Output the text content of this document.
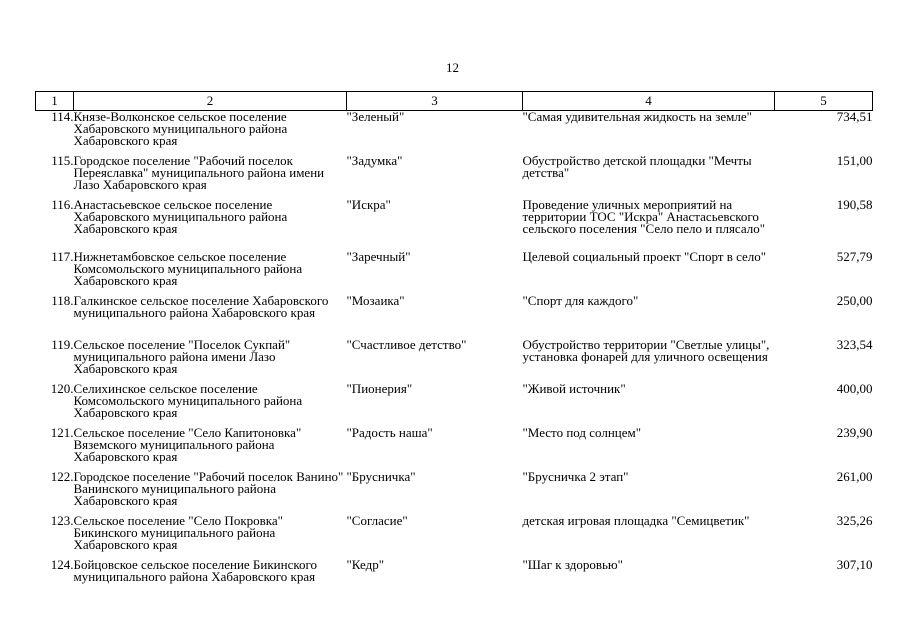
12
1	2	3	4	5
114.	Князе-Волконское сельское поселение Хабаровского муниципального района Хабаровского края	"Зеленый"	"Самая удивительная жидкость на земле"	734,51
115.	Городское поселение "Рабочий поселок Переяславка" муниципального района имени Лазо Хабаровского края	"Задумка"	Обустройство детской площадки "Мечты детства"	151,00
116.	Анастасьевское сельское поселение Хабаровского муниципального района Хабаровского края	"Искра"	Проведение уличных мероприятий на территории ТОС "Искра" Анастасьевского сельского поселения "Село пело и плясало"	190,58
117.	Нижнетамбовское сельское поселение Комсомольского муниципального района Хабаровского края	"Заречный"	Целевой социальный проект "Спорт в село"	527,79
118.	Галкинское сельское поселение Хабаровского муниципального района Хабаровского края	"Мозаика"	"Спорт для каждого"	250,00
119.	Сельское поселение "Поселок Сукпай" муниципального района имени Лазо Хабаровского края	"Счастливое детство"	Обустройство территории "Светлые улицы", установка фонарей для уличного освещения	323,54
120.	Селихинское сельское поселение Комсомольского муниципального района Хабаровского края	"Пионерия"	"Живой источник"	400,00
121.	Сельское поселение "Село Капитоновка" Вяземского муниципального района Хабаровского края	"Радость наша"	"Место под солнцем"	239,90
122.	Городское поселение "Рабочий поселок Ванино" Ванинского муниципального района Хабаровского края	"Брусничка"	"Брусничка 2 этап"	261,00
123.	Сельское поселение "Село Покровка" Бикинского муниципального района Хабаровского края	"Согласие"	детская игровая площадка "Семицветик"	325,26
124.	Бойцовское сельское поселение Бикинского муниципального района Хабаровского края	"Кедр"	"Шаг к здоровью"	307,10
